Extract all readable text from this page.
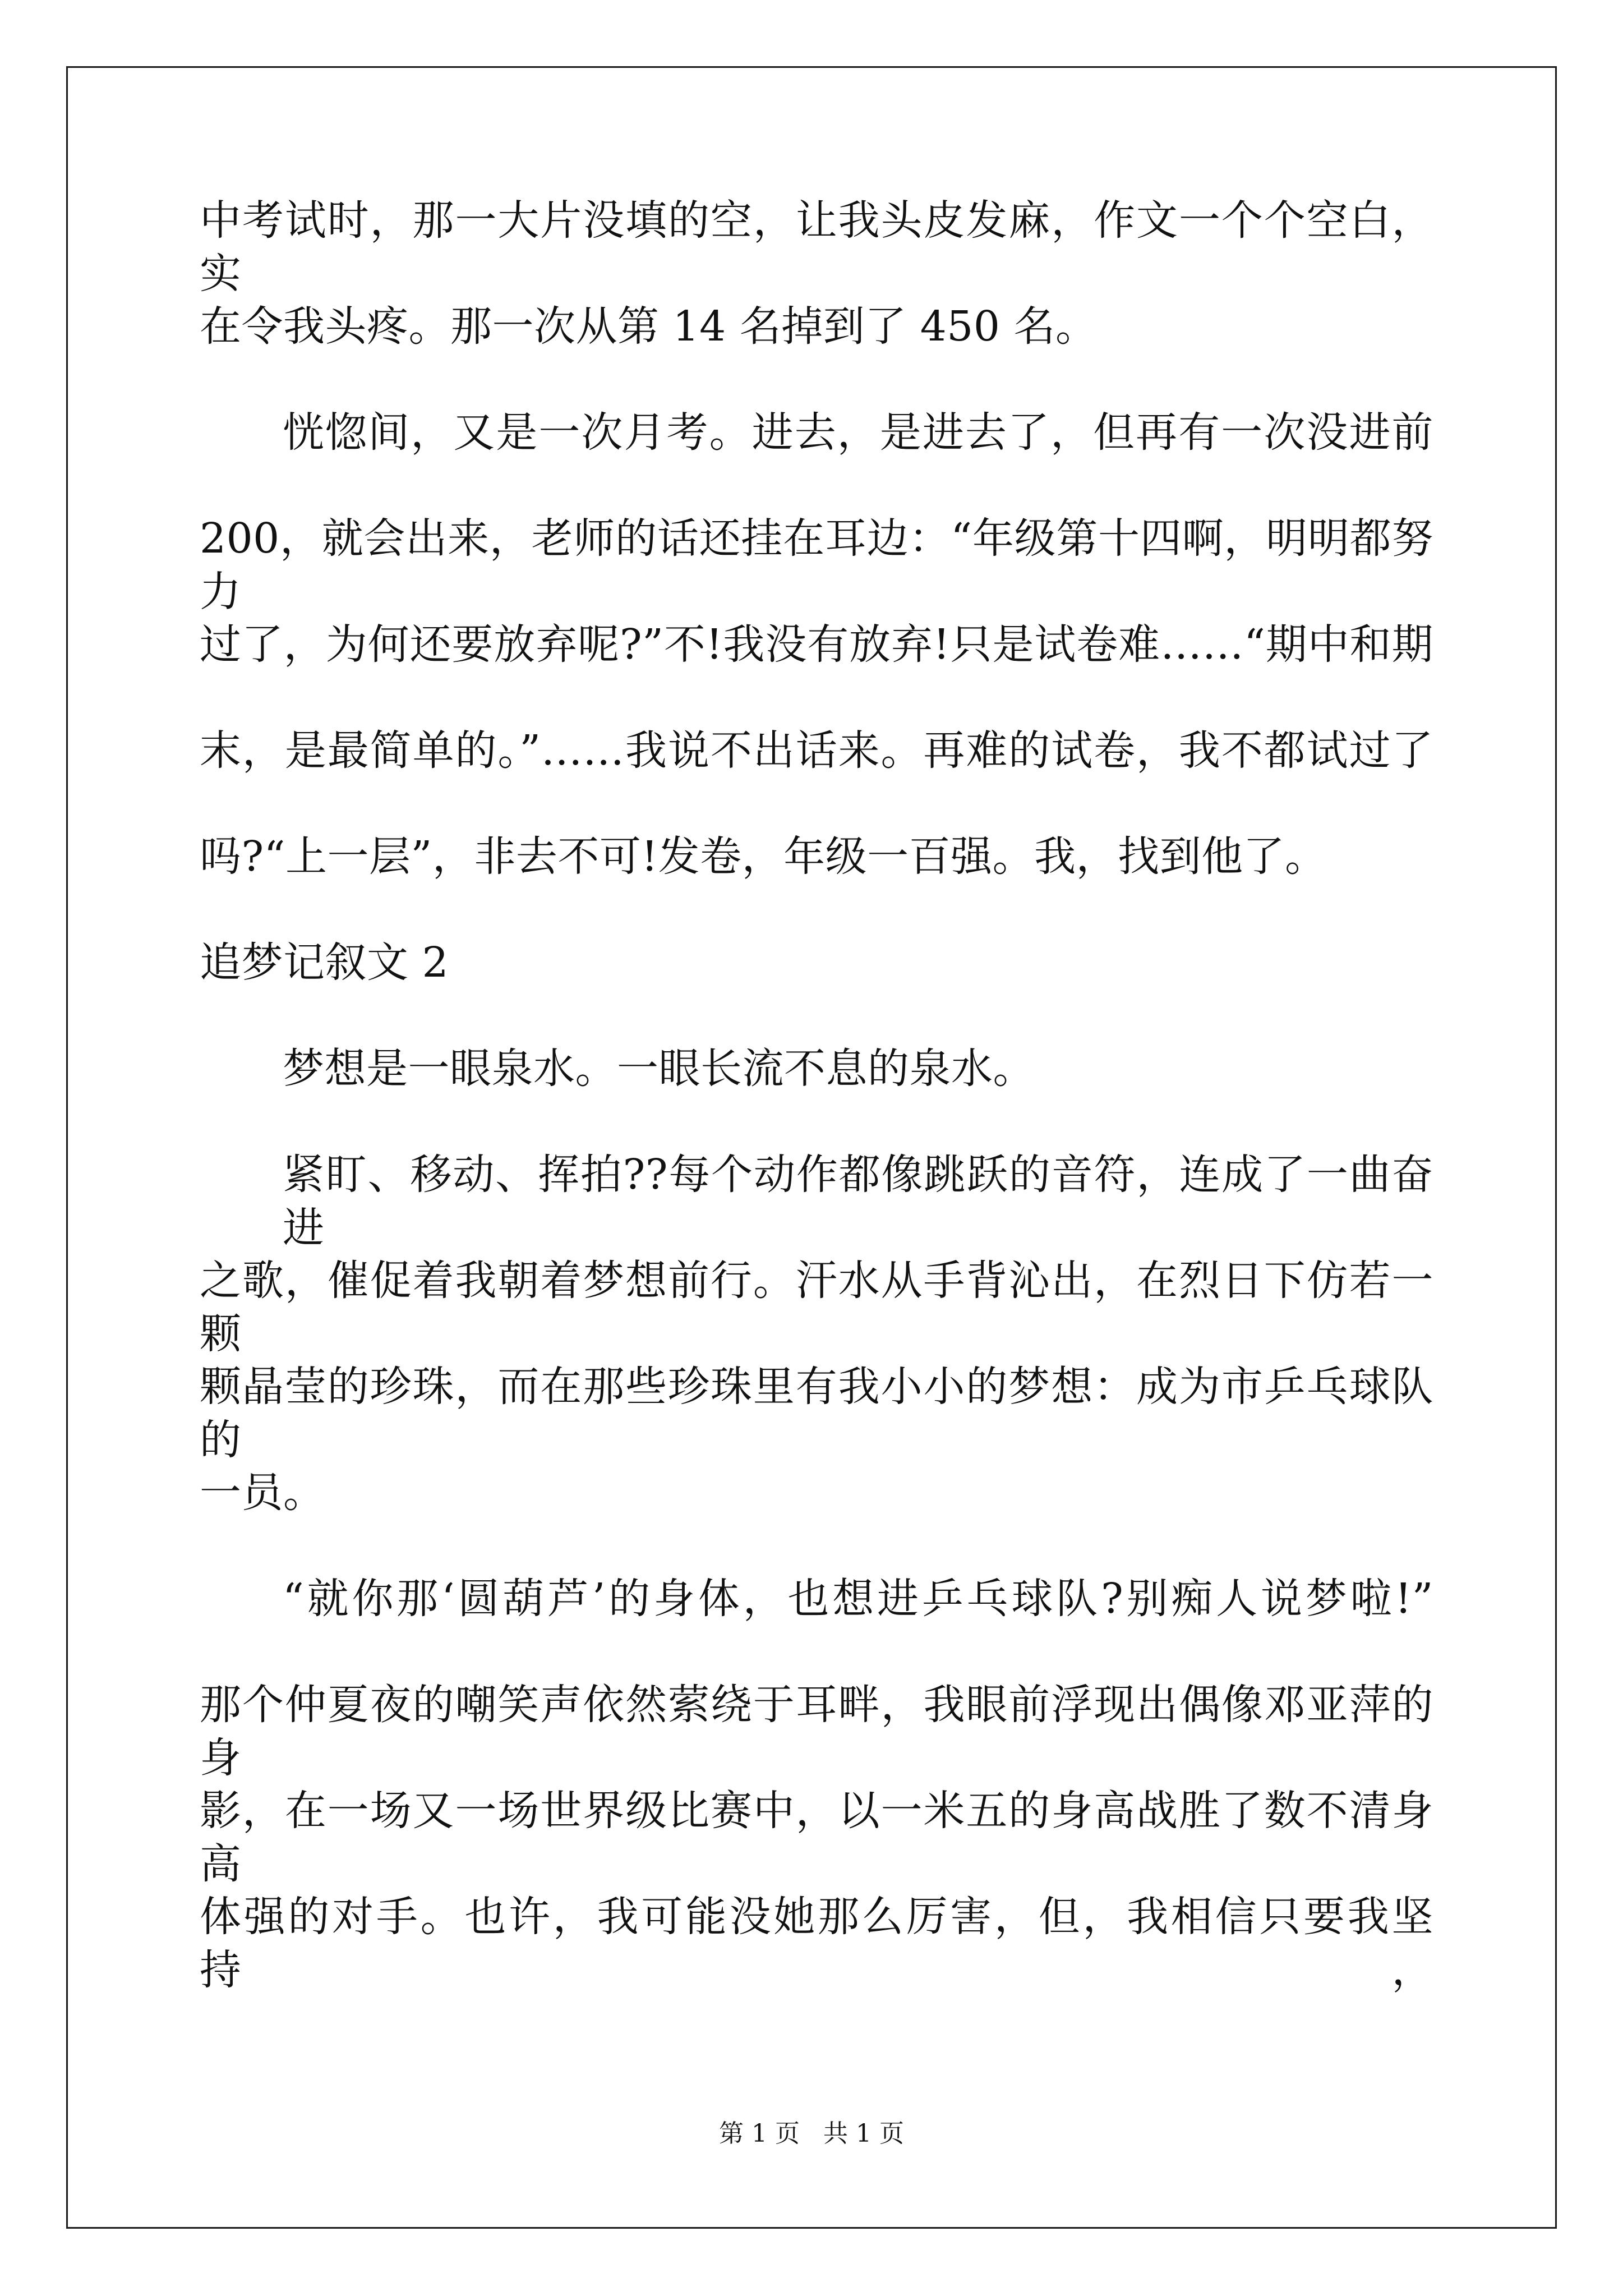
中考试时，那一大片没填的空，让我头皮发麻，作文一个个空白，实
在令我头疼。那一次从第 14 名掉到了 450 名。
恍惚间，又是一次月考。进去，是进去了，但再有一次没进前
200，就会出来，老师的话还挂在耳边：“年级第十四啊，明明都努力
过了，为何还要放弃呢?”不!我没有放弃!只是试卷难……“期中和期
末，是最简单的。”……我说不出话来。再难的试卷，我不都试过了
吗?“上一层”，非去不可!发卷，年级一百强。我，找到他了。
追梦记叙文 2
梦想是一眼泉水。一眼长流不息的泉水。
紧盯、移动、挥拍??每个动作都像跳跃的音符，连成了一曲奋进
之歌，催促着我朝着梦想前行。汗水从手背沁出，在烈日下仿若一颗
颗晶莹的珍珠，而在那些珍珠里有我小小的梦想：成为市乒乓球队的
一员。
“就你那‘圆葫芦’的身体，也想进乒乓球队?别痴人说梦啦!”
那个仲夏夜的嘲笑声依然萦绕于耳畔，我眼前浮现出偶像邓亚萍的身
影，在一场又一场世界级比赛中，以一米五的身高战胜了数不清身高
体强的对手。也许，我可能没她那么厉害，但，我相信只要我坚持，
第 1 页   共 1 页
